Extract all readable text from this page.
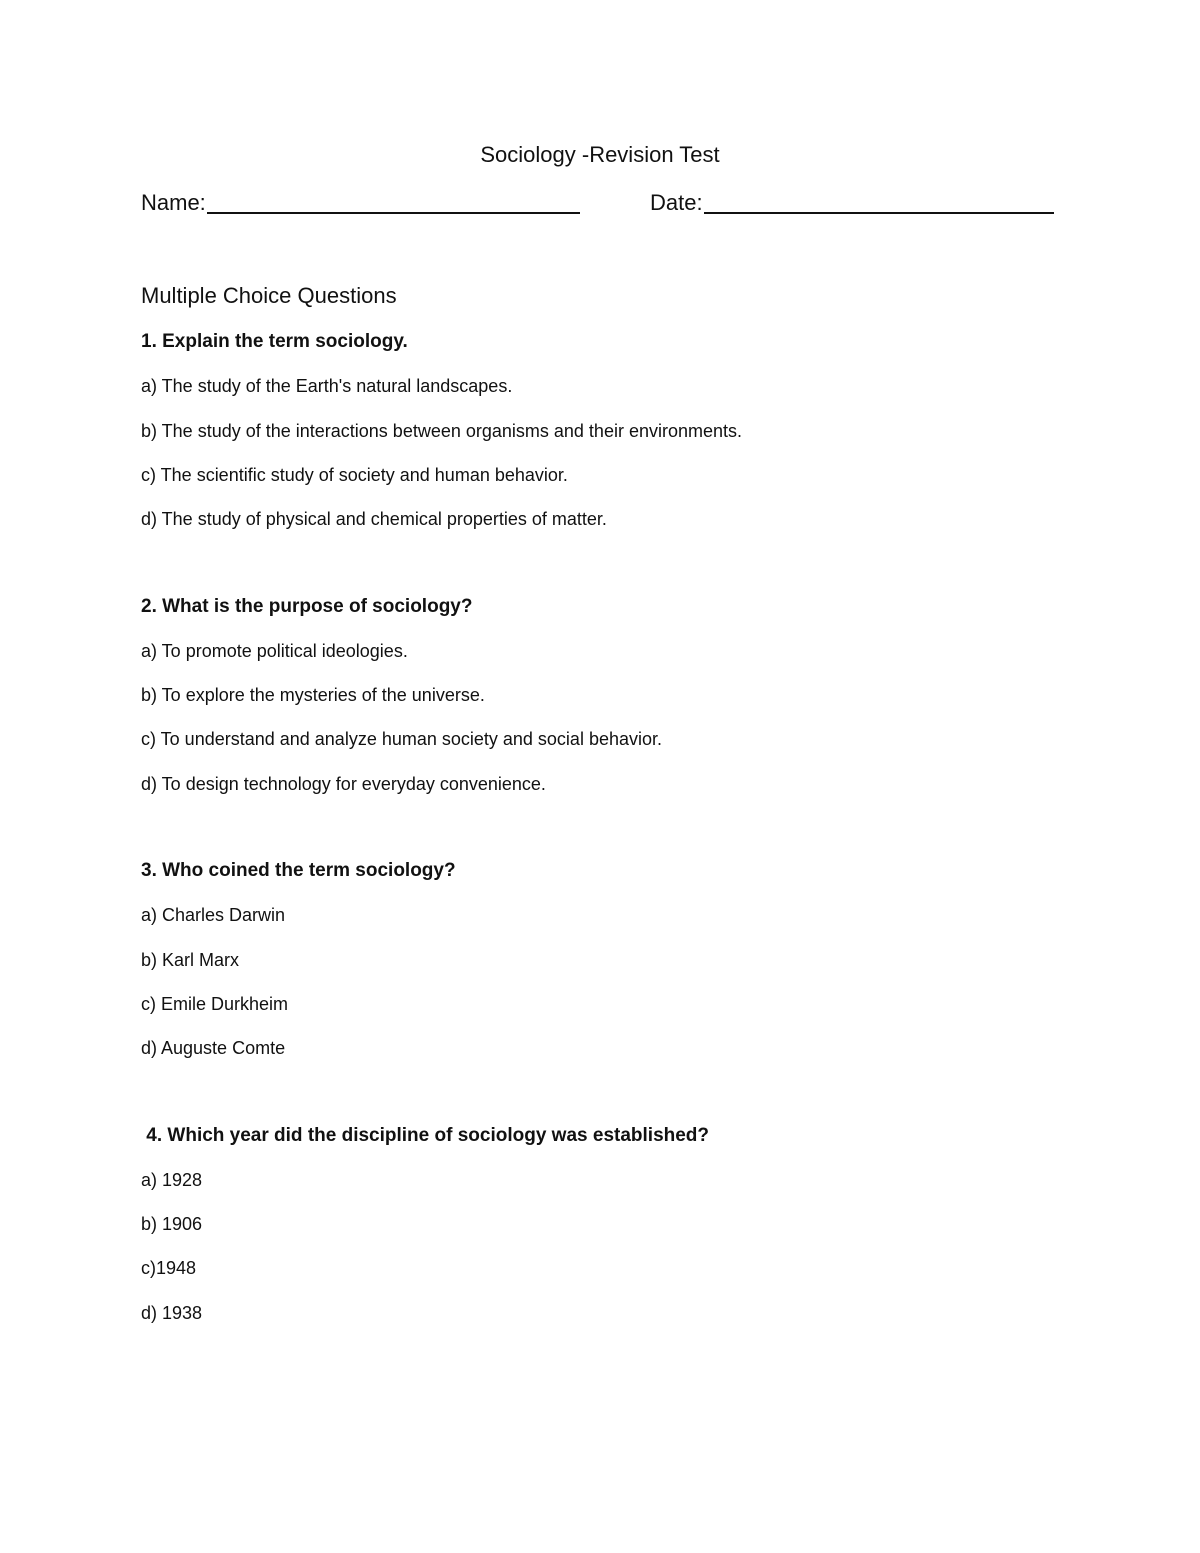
Sociology -Revision Test
Name:	Date:
Multiple Choice Questions
1. Explain the term sociology.
a) The study of the Earth's natural landscapes.
b) The study of the interactions between organisms and their environments.
c) The scientific study of society and human behavior.
d) The study of physical and chemical properties of matter.
2. What is the purpose of sociology?
a) To promote political ideologies.
b) To explore the mysteries of the universe.
c) To understand and analyze human society and social behavior.
d) To design technology for everyday convenience.
3. Who coined the term sociology?
a) Charles Darwin
b) Karl Marx
c) Emile Durkheim
d) Auguste Comte
4. Which year did the discipline of sociology was established?
a) 1928
b) 1906
c)1948
d) 1938
